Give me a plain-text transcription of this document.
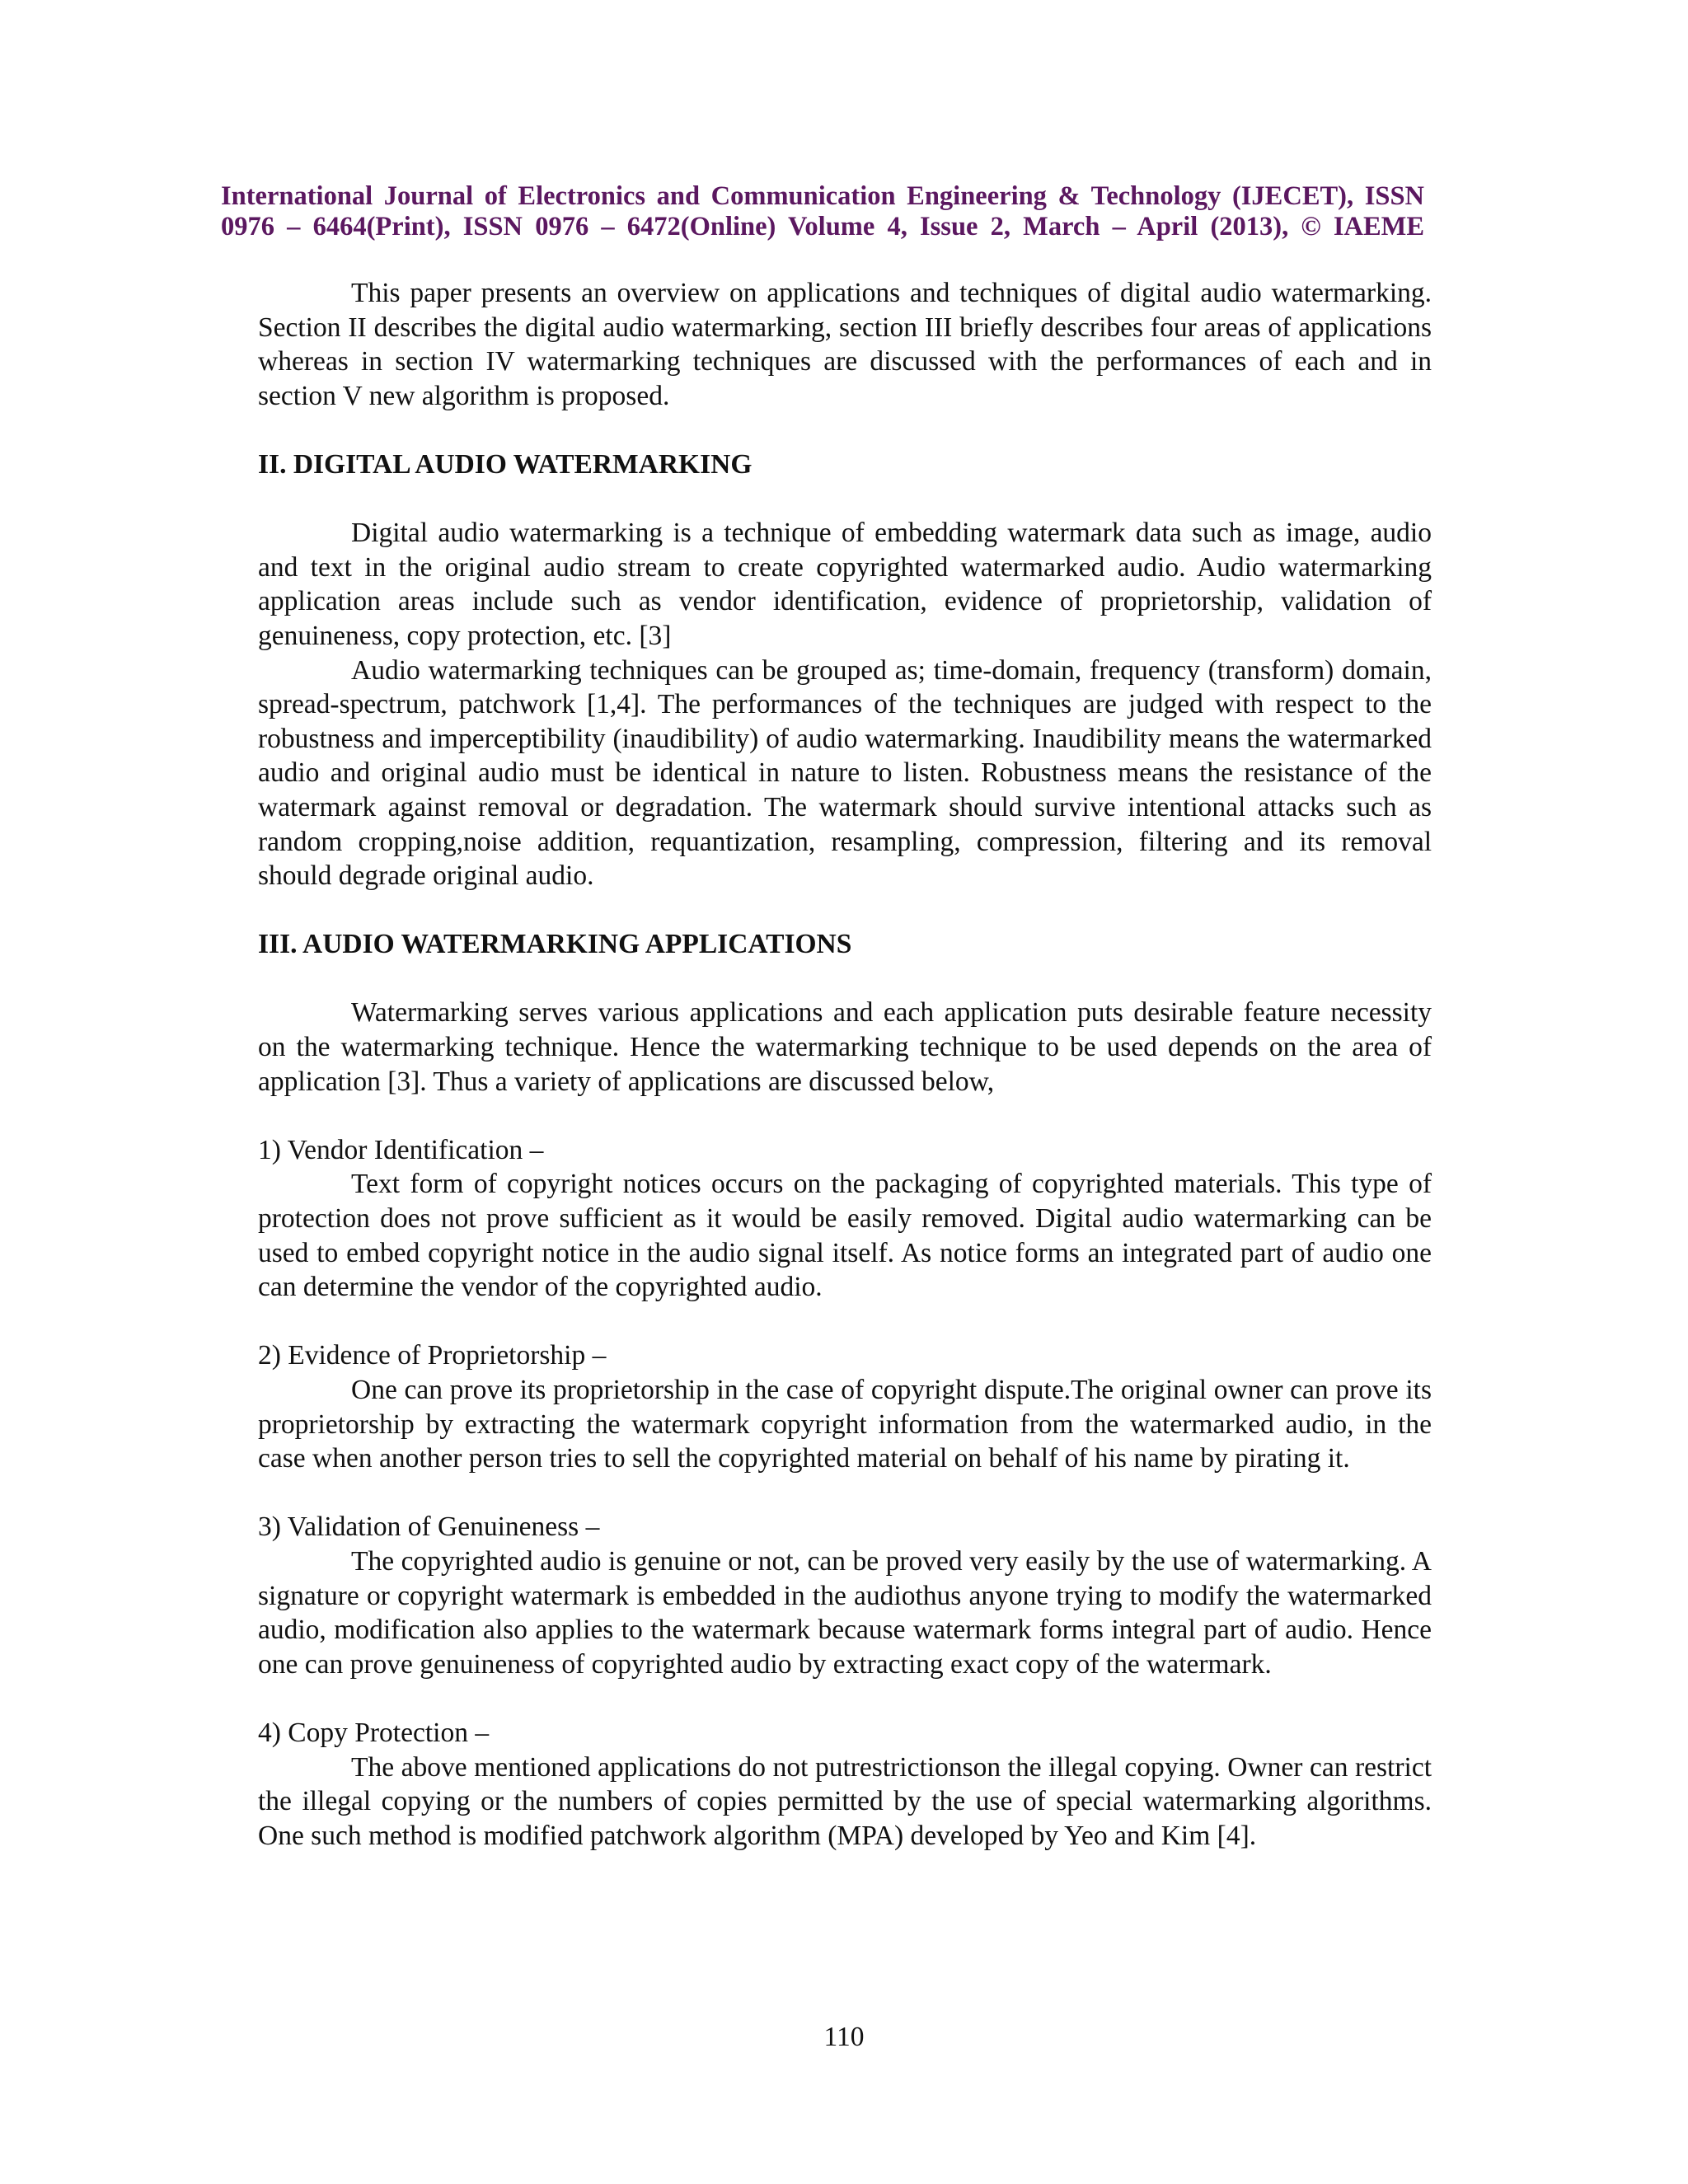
International Journal of Electronics and Communication Engineering & Technology (IJECET), ISSN
0976 – 6464(Print), ISSN 0976 – 6472(Online) Volume 4, Issue 2, March – April (2013), © IAEME

This paper presents an overview on applications and techniques of digital audio watermarking. Section II describes the digital audio watermarking, section III briefly describes four areas of applications whereas in section IV watermarking techniques are discussed with the performances of each and in section V new algorithm is proposed.

II. DIGITAL AUDIO WATERMARKING

Digital audio watermarking is a technique of embedding watermark data such as image, audio and text in the original audio stream to create copyrighted watermarked audio. Audio watermarking application areas include such as vendor identification, evidence of proprietorship, validation of genuineness, copy protection, etc. [3]

Audio watermarking techniques can be grouped as; time-domain, frequency (transform) domain, spread-spectrum, patchwork [1,4]. The performances of the techniques are judged with respect to the robustness and imperceptibility (inaudibility) of audio watermarking. Inaudibility means the watermarked audio and original audio must be identical in nature to listen. Robustness means the resistance of the watermark against removal or degradation. The watermark should survive intentional attacks such as random cropping,noise addition, requantization, resampling, compression, filtering and its removal should degrade original audio.

III. AUDIO WATERMARKING APPLICATIONS

Watermarking serves various applications and each application puts desirable feature necessity on the watermarking technique. Hence the watermarking technique to be used depends on the area of application [3]. Thus a variety of applications are discussed below,

1) Vendor Identification –

Text form of copyright notices occurs on the packaging of copyrighted materials. This type of protection does not prove sufficient as it would be easily removed. Digital audio watermarking can be used to embed copyright notice in the audio signal itself. As notice forms an integrated part of audio one can determine the vendor of the copyrighted audio.

2) Evidence of Proprietorship –

One can prove its proprietorship in the case of copyright dispute.The original owner can prove its proprietorship by extracting the watermark copyright information from the watermarked audio, in the case when another person tries to sell the copyrighted material on behalf of his name by pirating it.

3) Validation of Genuineness –

The copyrighted audio is genuine or not, can be proved very easily by the use of watermarking. A signature or copyright watermark is embedded in the audiothus anyone trying to modify the watermarked audio, modification also applies to the watermark because watermark forms integral part of audio. Hence one can prove genuineness of copyrighted audio by extracting exact copy of the watermark.

4) Copy Protection –

The above mentioned applications do not putrestrictionson the illegal copying. Owner can restrict the illegal copying or the numbers of copies permitted by the use of special watermarking algorithms. One such method is modified patchwork algorithm (MPA) developed by Yeo and Kim [4].

110
